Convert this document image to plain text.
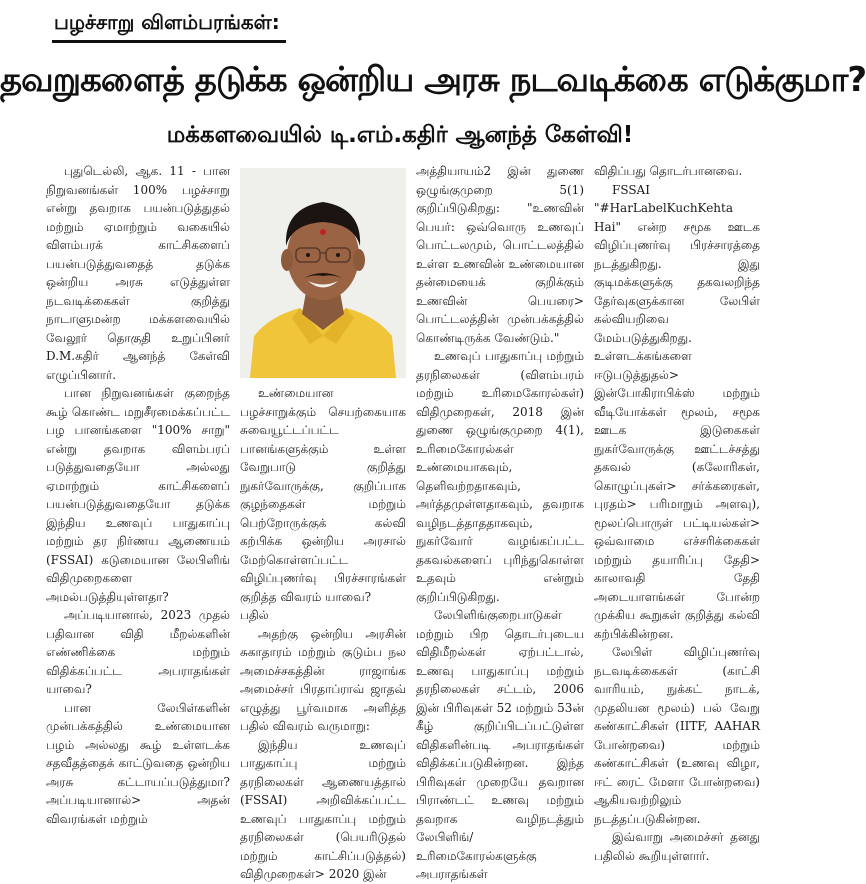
பழச்சாறு விளம்பரங்கள்:
தவறுகளைத் தடுக்க ஒன்றிய அரசு நடவடிக்கை எடுக்குமா?
மக்களவையில் டி.எம்.கதிர் ஆனந்த் கேள்வி!

புதுடெல்லி, ஆக. 11 - பான நிறுவனங்கள் 100% பழச்சாறு என்று தவறாக பயன்படுத்துதல் மற்றும் ஏமாற்றும் வகையில் விளம்பரக் காட்சிகளைப் பயன்படுத்துவதைத் தடுக்க ஒன்றிய அரசு எடுத்துள்ள நடவடிக்கைகள் குறித்து நாடாளுமன்ற மக்களவையில் வேலூர் தொகுதி உறுப்பினர் D.M.கதிர் ஆனந்த் கேள்வி எழுப்பினார்.

பான நிறுவனங்கள் குறைந்த கூழ் கொண்ட மறுசீரமைக்கப்பட்ட பழ பானங்களை "100% சாறு" என்று தவறாக விளம்பரப் படுத்துவதையோ அல்லது ஏமாற்றும் காட்சிகளைப் பயன்படுத்துவதையோ தடுக்க இந்திய உணவுப் பாதுகாப்பு மற்றும் தர நிர்ணய ஆணையம் (FSSAI) கடுமையான லேபிளிங் விதிமுறைகளை அமல்படுத்தியுள்ளதா?

அப்படியானால், 2023 முதல் பதிவான விதி மீறல்களின் எண்ணிக்கை மற்றும் விதிக்கப்பட்ட அபராதங்கள் யாவை?

பான லேபிள்களின் முன்பக்கத்தில் உண்மையான பழம் அல்லது கூழ் உள்ளடக்க சதவீதத்தைக் காட்டுவதை ஒன்றிய அரசு கட்டாயப்படுத்துமா? அப்படியானால்> அதன் விவரங்கள் மற்றும்

உண்மையான பழச்சாறுக்கும் செயற்கையாக சுவையூட்டப்பட்ட பானங்களுக்கும் உள்ள வேறுபாடு குறித்து நுகர்வோருக்கு, குறிப்பாக குழந்தைகள் மற்றும் பெற்றோருக்குக் கல்வி கற்பிக்க ஒன்றிய அரசால் மேற்கொள்ளப்பட்ட விழிப்புணர்வு பிரச்சாரங்கள் குறித்த விவரம் யாவை?

பதில்

அதற்கு ஒன்றிய அரசின் சுகாதாரம் மற்றும் குடும்ப நல அமைச்சகத்தின் ராஜாங்க அமைச்சர் பிரதாப்ராவ் ஜாதவ் எழுத்து பூர்வமாக அளித்த பதில் விவரம் வருமாறு:

இந்திய உணவுப் பாதுகாப்பு மற்றும் தரநிலைகள் ஆணையத்தால் (FSSAI) அறிவிக்கப்பட்ட உணவுப் பாதுகாப்பு மற்றும் தரநிலைகள் (பெயரிடுதல் மற்றும் காட்சிப்படுத்தல்) விதிமுறைகள்> 2020 இன்

அத்தியாயம்2 இன் துணை ஒழுங்குமுறை 5(1) குறிப்பிடுகிறது: "உணவின் பெயர்: ஒவ்வொரு உணவுப் பொட்டலமும், பொட்டலத்தில் உள்ள உணவின் உண்மையான தன்மையைக் குறிக்கும் உணவின் பெயரை> பொட்டலத்தின் முன்பக்கத்தில் கொண்டிருக்க வேண்டும்."

உணவுப் பாதுகாப்பு மற்றும் தரநிலைகள் (விளம்பரம் மற்றும் உரிமைகோரல்கள்) விதிமுறைகள், 2018 இன் துணை ஒழுங்குமுறை 4(1), உரிமைகோரல்கள் உண்மையாகவும், தெளிவற்றதாகவும், அர்த்தமுள்ளதாகவும், தவறாக வழிநடத்தாததாகவும், நுகர்வோர் வழங்கப்பட்ட தகவல்களைப் புரிந்துகொள்ள உதவும் என்றும் குறிப்பிடுகிறது.

லேபிளிங்குறைபாடுகள் மற்றும் பிற தொடர்புடைய விதிமீறல்கள் ஏற்பட்டால், உணவு பாதுகாப்பு மற்றும் தரநிலைகள் சட்டம், 2006 இன் பிரிவுகள் 52 மற்றும் 53ன் கீழ் குறிப்பிடப்பட்டுள்ள விதிகளின்படி அபராதங்கள் விதிக்கப்படுகின்றன. இந்த பிரிவுகள் முறையே தவறான பிராண்டட் உணவு மற்றும் தவறாக வழிநடத்தும் லேபிளிங்/உரிமைகோரல்களுக்கு அபராதங்கள்

விதிப்பது தொடர்பானவை.

FSSAI "#HarLabelKuchKehta Hai" என்ற சமூக ஊடக விழிப்புணர்வு பிரச்சாரத்தை நடத்துகிறது. இது குடிமக்களுக்கு தகவலறிந்த தேர்வுகளுக்கான லேபிள் கல்வியறிவை மேம்படுத்துகிறது. உள்ளடக்கங்களை ஈடுபடுத்துதல்> இன்போகிராபிக்ஸ் மற்றும் வீடியோக்கள் மூலம், சமூக ஊடக இடுகைகள் நுகர்வோருக்கு ஊட்டச்சத்து தகவல் (கலோரிகள், கொழுப்புகள்> சர்க்கரைகள், புரதம்> பரிமாறும் அளவு), மூலப்பொருள் பட்டியல்கள்> ஒவ்வாமை எச்சரிக்கைகள் மற்றும் தயாரிப்பு தேதி> காலாவதி தேதி அடையாளங்கள் போன்ற முக்கிய கூறுகள் குறித்து கல்வி கற்பிக்கின்றன.

லேபிள் விழிப்புணர்வு நடவடிக்கைகள் (காட்சி வாரியம், நுக்கட் நாடக், முதலியன மூலம்) பல் வேறு கண்காட்சிகள் (IITF, AAHAR போன்றவை) மற்றும் கண்காட்சிகள் (உணவு விழா, ஈட் ரைட் மேளா போன்றவை) ஆகியவற்றிலும் நடத்தப்படுகின்றன.

இவ்வாறு அமைச்சர் தனது பதிலில் கூறியுள்ளார்.
